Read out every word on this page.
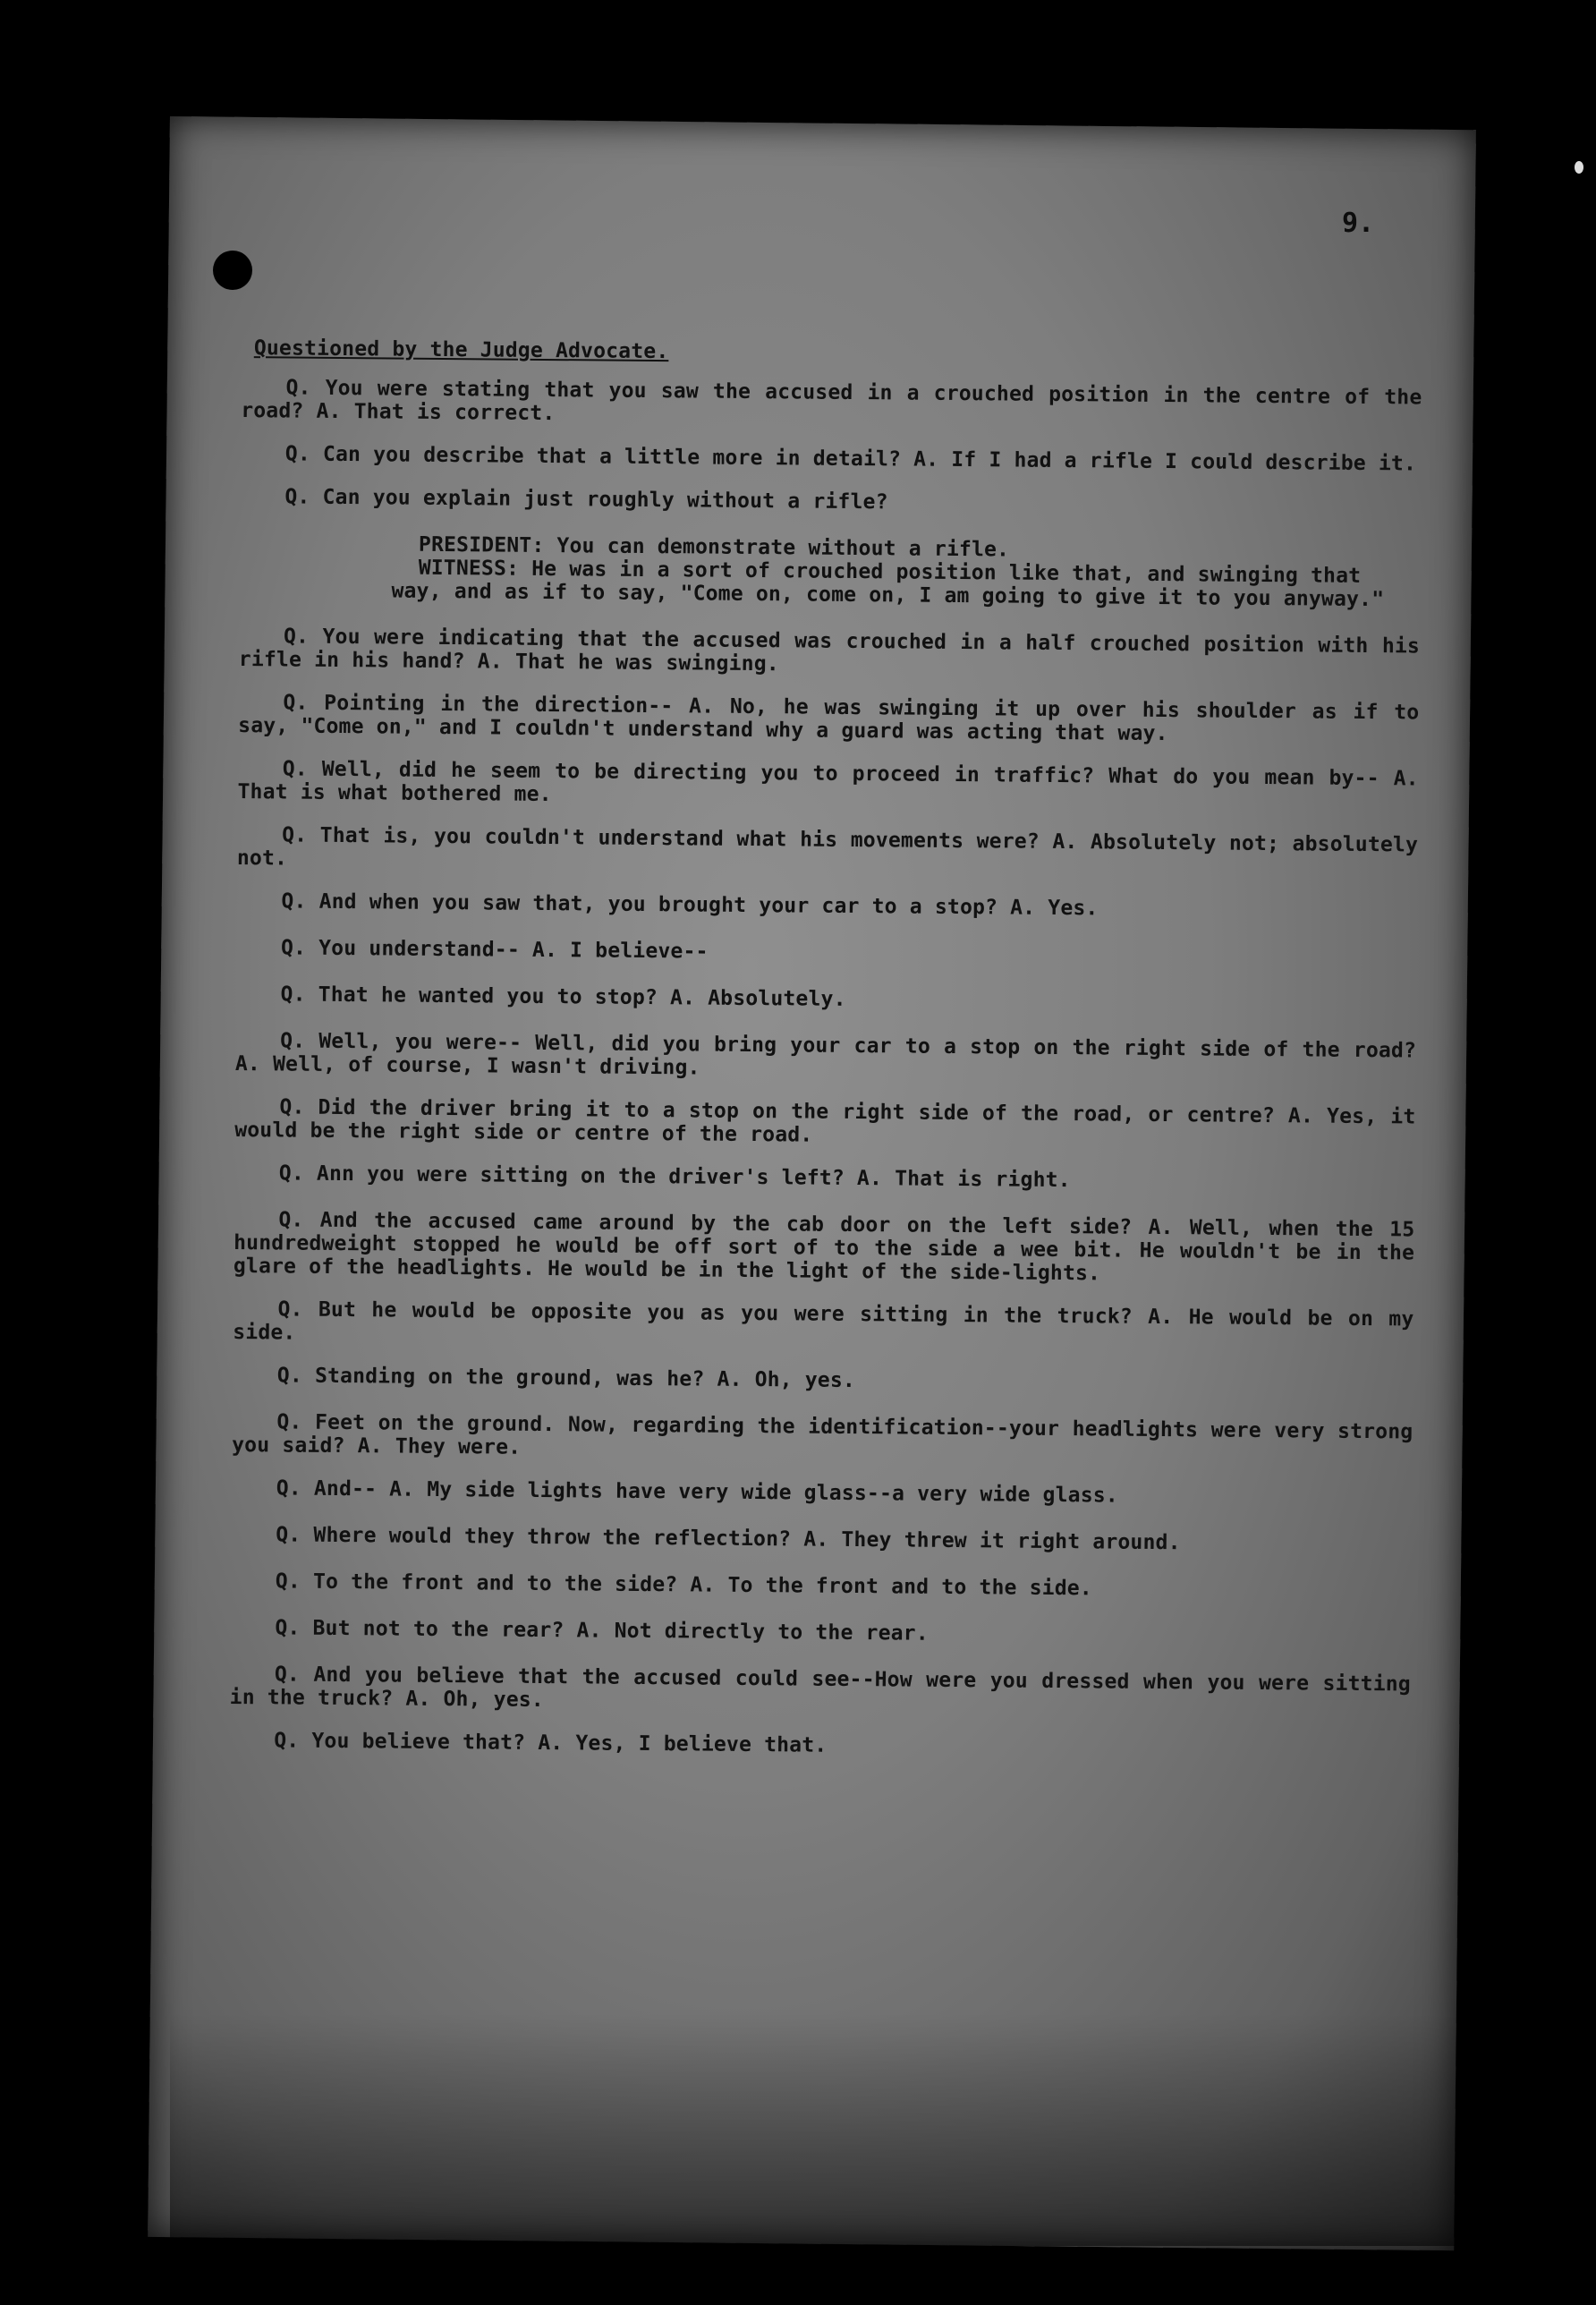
9.
Questioned by the Judge Advocate.

Q. You were stating that you saw the accused in a crouched position in the centre of the road? A. That is correct.

Q. Can you describe that a little more in detail? A. If I had a rifle I could describe it.

Q. Can you explain just roughly without a rifle?

PRESIDENT: You can demonstrate without a rifle.

WITNESS: He was in a sort of crouched position like that, and swinging that way, and as if to say, "Come on, come on, I am going to give it to you anyway."

Q. You were indicating that the accused was crouched in a half crouched position with his rifle in his hand? A. That he was swinging.

Q. Pointing in the direction-- A. No, he was swinging it up over his shoulder as if to say, "Come on," and I couldn't understand why a guard was acting that way.

Q. Well, did he seem to be directing you to proceed in traffic? What do you mean by-- A. That is what bothered me.

Q. That is, you couldn't understand what his movements were? A. Absolutely not; absolutely not.

Q. And when you saw that, you brought your car to a stop? A. Yes.

Q. You understand-- A. I believe--

Q. That he wanted you to stop? A. Absolutely.

Q. Well, you were-- Well, did you bring your car to a stop on the right side of the road? A. Well, of course, I wasn't driving.

Q. Did the driver bring it to a stop on the right side of the road, or centre? A. Yes, it would be the right side or centre of the road.

Q. Ann you were sitting on the driver's left? A. That is right.

Q. And the accused came around by the cab door on the left side? A. Well, when the 15 hundredweight stopped he would be off sort of to the side a wee bit. He wouldn't be in the glare of the headlights. He would be in the light of the side-lights.

Q. But he would be opposite you as you were sitting in the truck? A. He would be on my side.

Q. Standing on the ground, was he? A. Oh, yes.

Q. Feet on the ground. Now, regarding the identification--your headlights were very strong you said? A. They were.

Q. And-- A. My side lights have very wide glass--a very wide glass.

Q. Where would they throw the reflection? A. They threw it right around.

Q. To the front and to the side? A. To the front and to the side.

Q. But not to the rear? A. Not directly to the rear.

Q. And you believe that the accused could see--How were you dressed when you were sitting in the truck? A. Oh, yes.

Q. You believe that? A. Yes, I believe that.
